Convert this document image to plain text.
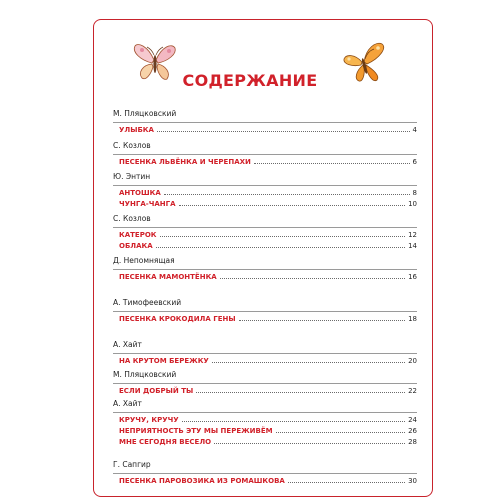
СОДЕРЖАНИЕ
М. Пляцковский
УЛЫБКА	4
С. Козлов
ПЕСЕНКА ЛЬВЁНКА И ЧЕРЕПАХИ	6
Ю. Энтин
АНТОШКА	8
ЧУНГА-ЧАНГА	10
С. Козлов
КАТЕРОК	12
ОБЛАКА	14
Д. Непомнящая
ПЕСЕНКА МАМОНТЁНКА	16
А. Тимофеевский
ПЕСЕНКА КРОКОДИЛА ГЕНЫ	18
А. Хайт
НА КРУТОМ БЕРЕЖКУ	20
М. Пляцковский
ЕСЛИ ДОБРЫЙ ТЫ	22
А. Хайт
КРУЧУ, КРУЧУ	24
НЕПРИЯТНОСТЬ ЭТУ МЫ ПЕРЕЖИВЁМ	26
МНЕ СЕГОДНЯ ВЕСЕЛО	28
Г. Сапгир
ПЕСЕНКА ПАРОВОЗИКА ИЗ РОМАШКОВА	30
